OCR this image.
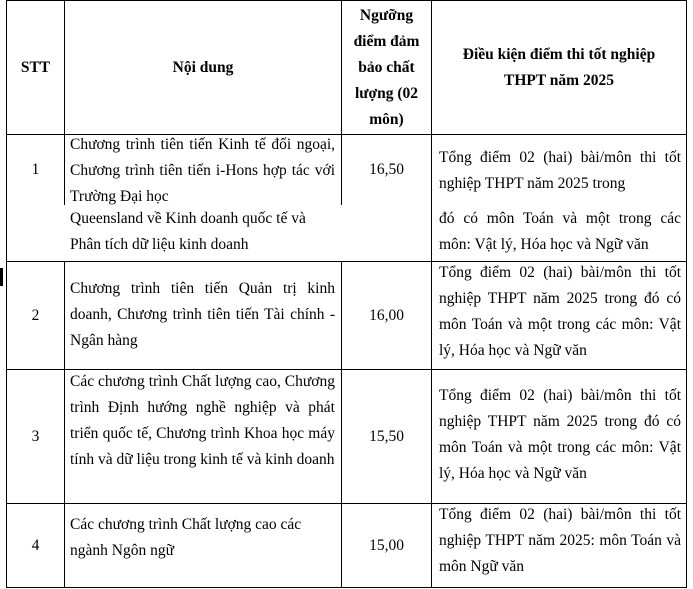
STT	Nội dung
Ngưỡng điểm đảm bảo chất lượng (02 môn)
Điều kiện điểm thi tốt nghiệp THPT năm 2025
1
Chương trình tiên tiến Kinh tế đối ngoại, Chương trình tiên tiến i-Hons hợp tác với Trường Đại học
16,50
Tổng điểm 02 (hai) bài/môn thi tốt nghiệp THPT năm 2025 trong
Queensland về Kinh doanh quốc tế và Phân tích dữ liệu kinh doanh
đó có môn Toán và một trong các môn: Vật lý, Hóa học và Ngữ văn
2
Chương trình tiên tiến Quản trị kinh doanh, Chương trình tiên tiến Tài chính - Ngân hàng
16,00
Tổng điểm 02 (hai) bài/môn thi tốt nghiệp THPT năm 2025 trong đó có môn Toán và một trong các môn: Vật lý, Hóa học và Ngữ văn
3
Các chương trình Chất lượng cao, Chương trình Định hướng nghề nghiệp và phát triển quốc tế, Chương trình Khoa học máy tính và dữ liệu trong kinh tế và kinh doanh
15,50
Tổng điểm 02 (hai) bài/môn thi tốt nghiệp THPT năm 2025 trong đó có môn Toán và một trong các môn: Vật lý, Hóa học và Ngữ văn
4
Các chương trình Chất lượng cao các ngành Ngôn ngữ	15,00
Tổng điểm 02 (hai) bài/môn thi tốt nghiệp THPT năm 2025: môn Toán và môn Ngữ văn
